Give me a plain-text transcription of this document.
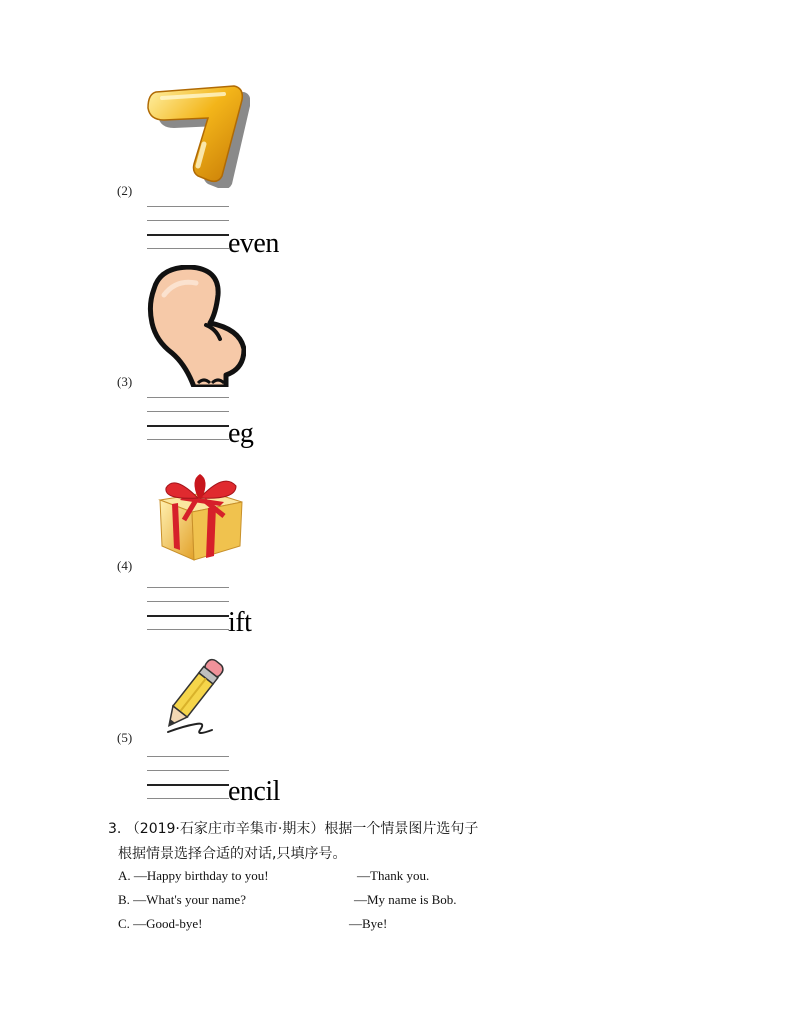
(2)
even
(3)
eg
(4)
ift
(5)
encil
3. （2019·石家庄市辛集市·期末）根据一个情景图片选句子
根据情景选择合适的对话,只填序号。
A. —Happy birthday to you!	—Thank you.
B. —What's your name?	—My name is Bob.
C. —Good-bye!	—Bye!
